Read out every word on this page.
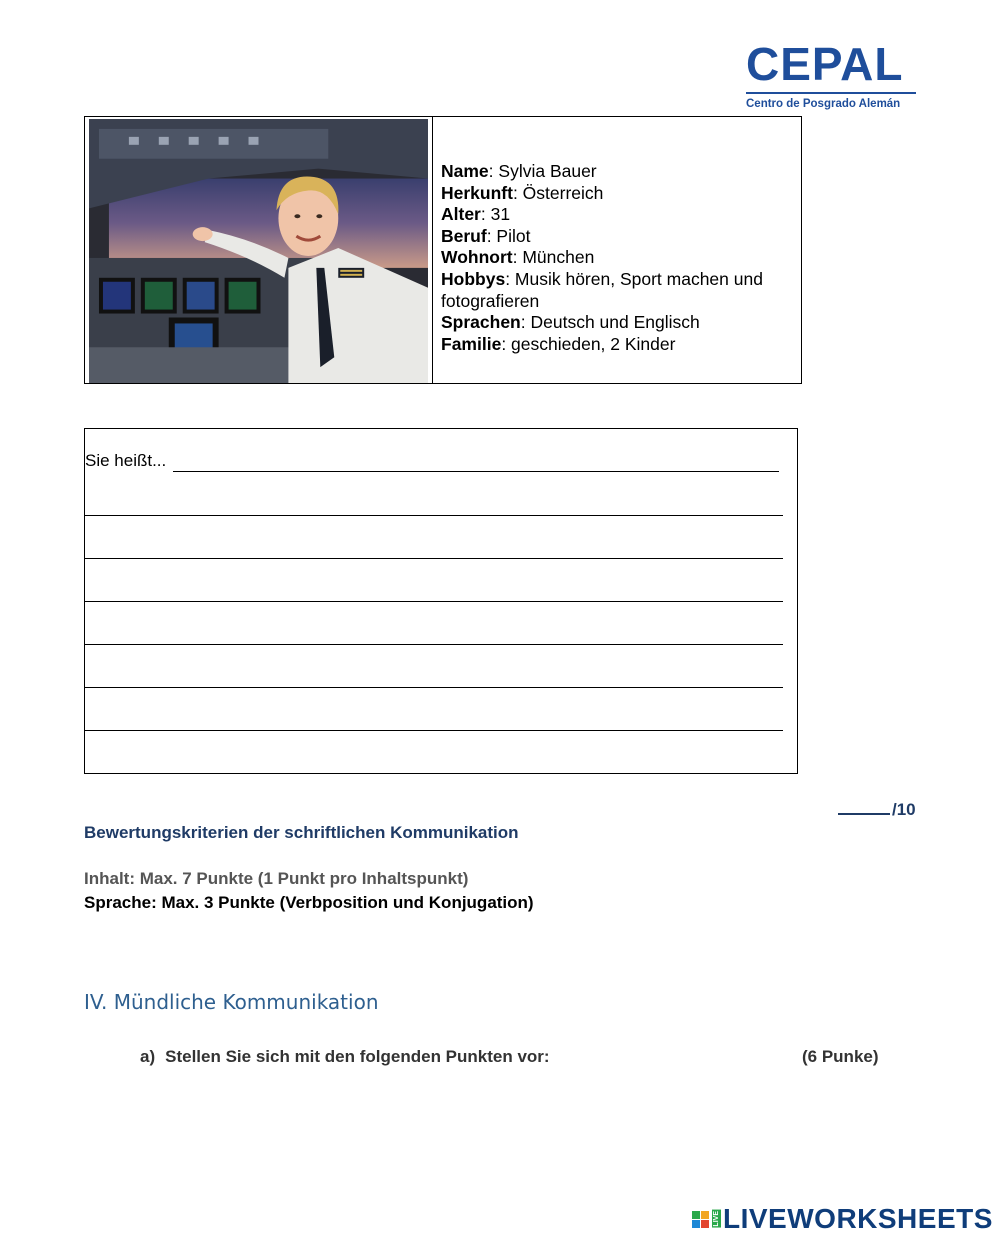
CEPAL
Centro de Posgrado Alemán
Name: Sylvia Bauer
Herkunft: Österreich
Alter: 31
Beruf: Pilot
Wohnort: München
Hobbys: Musik hören, Sport machen und fotografieren
Sprachen: Deutsch und Englisch
Familie: geschieden, 2 Kinder
Sie heißt...
/10
Bewertungskriterien der schriftlichen Kommunikation
Inhalt: Max. 7 Punkte (1 Punkt pro Inhaltspunkt)
Sprache: Max. 3 Punkte (Verbposition und Konjugation)
IV. Mündliche Kommunikation
a) Stellen Sie sich mit den folgenden Punkten vor:	(6 Punke)
LIVE LIVEWORKSHEETS
